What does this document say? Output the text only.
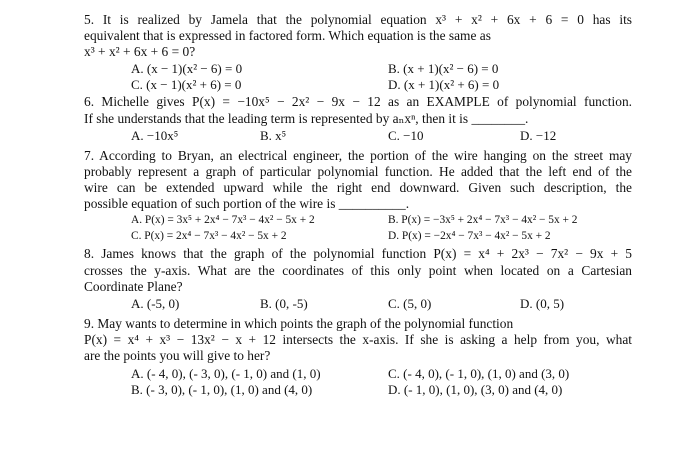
5. It is realized by Jamela that the polynomial equation x³ + x² + 6x + 6 = 0 has its
equivalent that is expressed in factored form. Which equation is the same as
x³ + x² + 6x + 6 = 0?
A. (x − 1)(x² − 6) = 0	B. (x + 1)(x² − 6) = 0
C. (x − 1)(x² + 6) = 0	D. (x + 1)(x² + 6) = 0
6. Michelle gives P(x) = −10x⁵ − 2x² − 9x − 12 as an EXAMPLE of polynomial function.
If she understands that the leading term is represented by aₙxⁿ, then it is ________.
A. −10x⁵	B. x⁵	C. −10	D. −12
7. According to Bryan, an electrical engineer, the portion of the wire hanging on the street may
probably represent a graph of particular polynomial function. He added that the left end of the
wire can be extended upward while the right end downward. Given such description, the
possible equation of such portion of the wire is __________.
A. P(x) = 3x⁵ + 2x⁴ − 7x³ − 4x² − 5x + 2	B. P(x) = −3x⁵ + 2x⁴ − 7x³ − 4x² − 5x + 2
C. P(x) = 2x⁴ − 7x³ − 4x² − 5x + 2	D. P(x) = −2x⁴ − 7x³ − 4x² − 5x + 2
8. James knows that the graph of the polynomial function P(x) = x⁴ + 2x³ − 7x² − 9x + 5
crosses the y-axis. What are the coordinates of this only point when located on a Cartesian
Coordinate Plane?
A. (-5, 0)	B. (0, -5)	C. (5, 0)	D. (0, 5)
9. May wants to determine in which points the graph of the polynomial function
P(x) = x⁴ + x³ − 13x² − x + 12 intersects the x-axis. If she is asking a help from you, what
are the points you will give to her?
A. (- 4, 0), (- 3, 0), (- 1, 0) and (1, 0)	C. (- 4, 0), (- 1, 0), (1, 0) and (3, 0)
B. (- 3, 0), (- 1, 0), (1, 0) and (4, 0)	D. (- 1, 0), (1, 0), (3, 0) and (4, 0)
